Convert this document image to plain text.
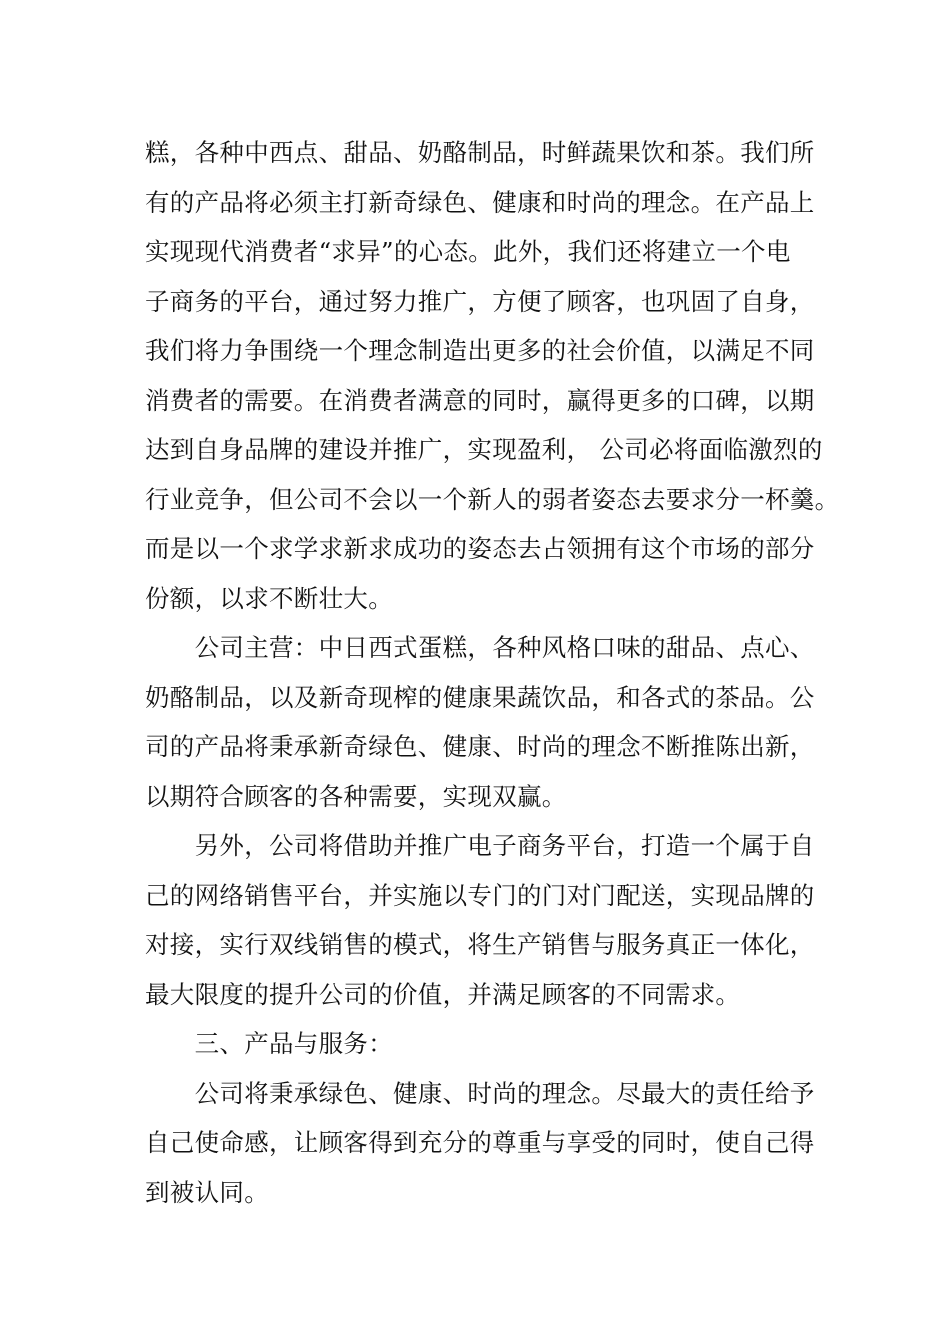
糕，各种中西点、甜品、奶酪制品，时鲜蔬果饮和茶。我们所
有的产品将必须主打新奇绿色、健康和时尚的理念。在产品上
实现现代消费者“求异”的心态。此外，我们还将建立一个电
子商务的平台，通过努力推广，方便了顾客，也巩固了自身，
我们将力争围绕一个理念制造出更多的社会价值，以满足不同
消费者的需要。在消费者满意的同时，赢得更多的口碑，以期
达到自身品牌的建设并推广，实现盈利， 公司必将面临激烈的
行业竞争，但公司不会以一个新人的弱者姿态去要求分一杯羹。
而是以一个求学求新求成功的姿态去占领拥有这个市场的部分
份额，以求不断壮大。
　　公司主营：中日西式蛋糕，各种风格口味的甜品、点心、
奶酪制品，以及新奇现榨的健康果蔬饮品，和各式的茶品。公
司的产品将秉承新奇绿色、健康、时尚的理念不断推陈出新，
以期符合顾客的各种需要，实现双赢。
　　另外，公司将借助并推广电子商务平台，打造一个属于自
己的网络销售平台，并实施以专门的门对门配送，实现品牌的
对接，实行双线销售的模式，将生产销售与服务真正一体化，
最大限度的提升公司的价值，并满足顾客的不同需求。
　　三、产品与服务：
　　公司将秉承绿色、健康、时尚的理念。尽最大的责任给予
自己使命感，让顾客得到充分的尊重与享受的同时，使自己得
到被认同。
